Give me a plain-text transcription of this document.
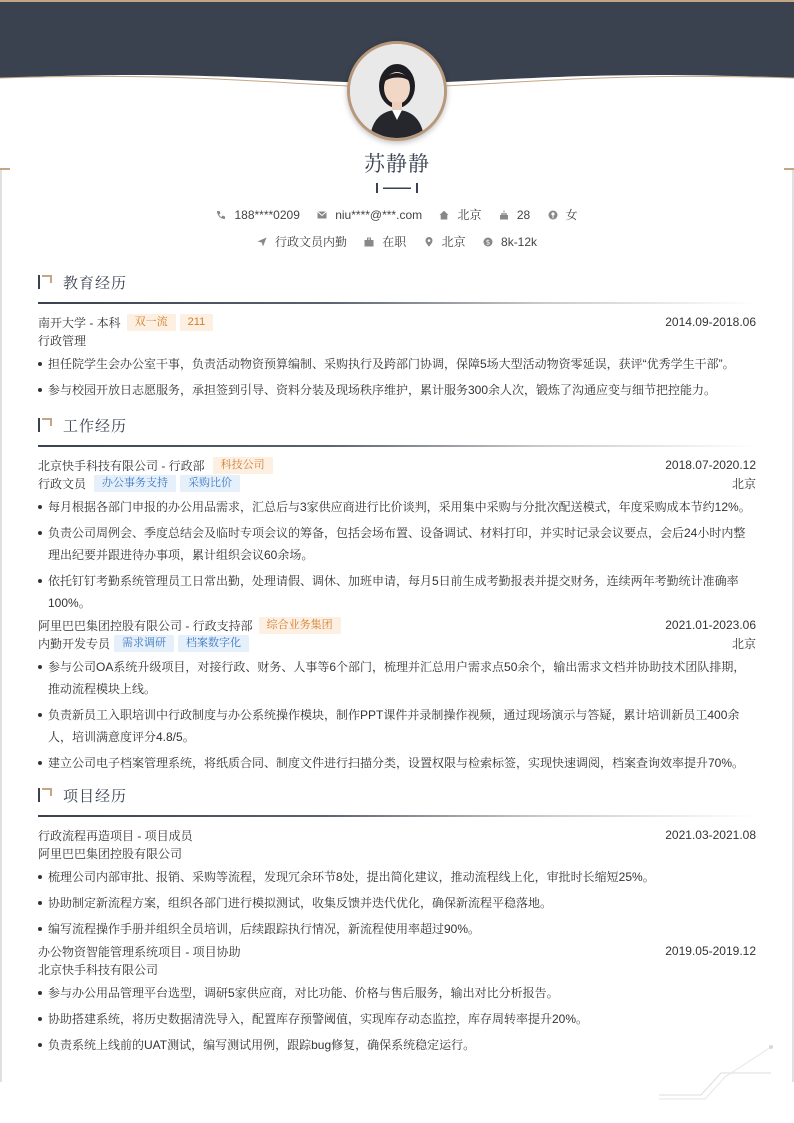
苏静静
188****0209
	niu****@***.com
	北京
	28
	女
行政文员内勤
	在职
	北京
	$ 8k-12k
教育经历
南开大学 - 本科	双一流	211	2014.09-2018.06
行政管理
担任院学生会办公室干事，负责活动物资预算编制、采购执行及跨部门协调，保障5场大型活动物资零延误，获评“优秀学生干部”。
参与校园开放日志愿服务，承担签到引导、资料分装及现场秩序维护，累计服务300余人次，锻炼了沟通应变与细节把控能力。
工作经历
北京快手科技有限公司 - 行政部	科技公司	2018.07-2020.12
行政文员	办公事务支持	采购比价	北京
每月根据各部门申报的办公用品需求，汇总后与3家供应商进行比价谈判，采用集中采购与分批次配送模式，年度采购成本节约12%。
负责公司周例会、季度总结会及临时专项会议的筹备，包括会场布置、设备调试、材料打印，并实时记录会议要点，会后24小时内整理出纪要并跟进待办事项，累计组织会议60余场。
依托钉钉考勤系统管理员工日常出勤，处理请假、调休、加班申请，每月5日前生成考勤报表并提交财务，连续两年考勤统计准确率100%。
阿里巴巴集团控股有限公司 - 行政支持部	综合业务集团	2021.01-2023.06
内勤开发专员	需求调研	档案数字化	北京
参与公司OA系统升级项目，对接行政、财务、人事等6个部门，梳理并汇总用户需求点50余个，输出需求文档并协助技术团队排期，推动流程模块上线。
负责新员工入职培训中行政制度与办公系统操作模块，制作PPT课件并录制操作视频，通过现场演示与答疑，累计培训新员工400余人，培训满意度评分4.8/5。
建立公司电子档案管理系统，将纸质合同、制度文件进行扫描分类，设置权限与检索标签，实现快速调阅，档案查询效率提升70%。
项目经历
行政流程再造项目 - 项目成员	2021.03-2021.08
阿里巴巴集团控股有限公司
梳理公司内部审批、报销、采购等流程，发现冗余环节8处，提出简化建议，推动流程线上化，审批时长缩短25%。
协助制定新流程方案，组织各部门进行模拟测试，收集反馈并迭代优化，确保新流程平稳落地。
编写流程操作手册并组织全员培训，后续跟踪执行情况，新流程使用率超过90%。
办公物资智能管理系统项目 - 项目协助	2019.05-2019.12
北京快手科技有限公司
参与办公用品管理平台选型，调研5家供应商，对比功能、价格与售后服务，输出对比分析报告。
协助搭建系统，将历史数据清洗导入，配置库存预警阈值，实现库存动态监控，库存周转率提升20%。
负责系统上线前的UAT测试，编写测试用例，跟踪bug修复，确保系统稳定运行。
